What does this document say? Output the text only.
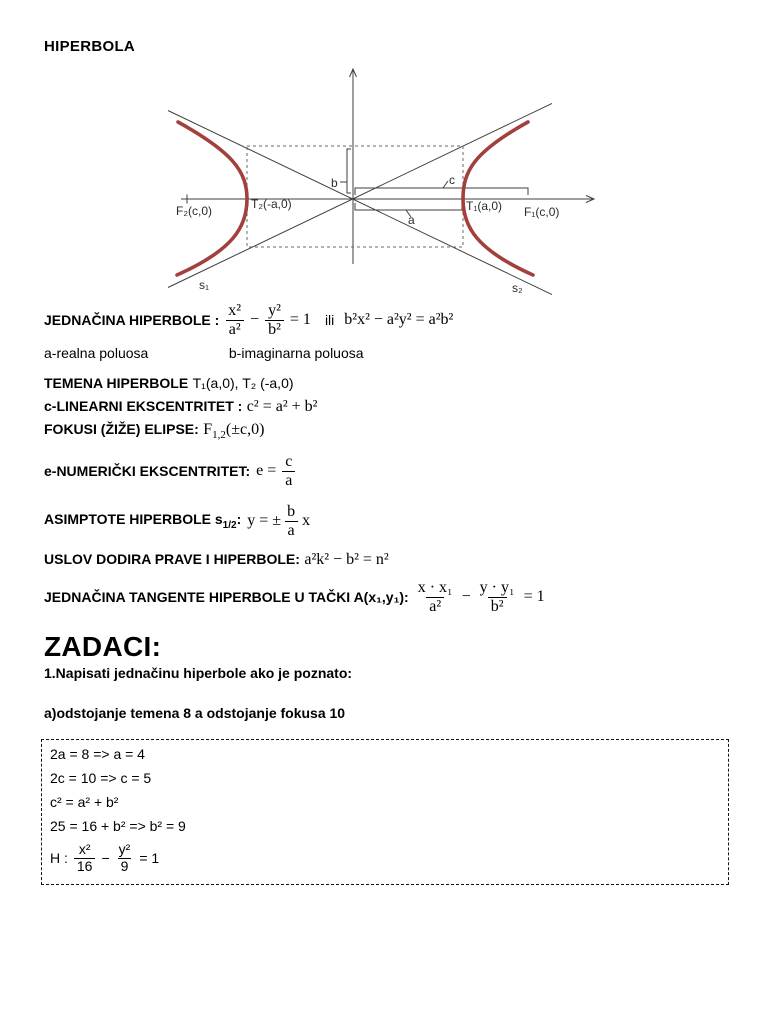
HIPERBOLA
F₂(c,0)	T₂(-a,0)	T₁(a,0) F₁(c,0)
b	c
a
s₁	s₂
JEDNAČINA HIPERBOLE : $\frac{\text{x²}}{\text{a²}} - \frac{\text{y²}}{\text{b²}} = 1$ ili b²x² − a²y² = a²b²
a-realna poluosa	b-imaginarna poluosa
TEMENA HIPERBOLE T₁(a,0), T₂ (-a,0)
c-LINEARNI EKSCENTRITET : c² = a² + b²
FOKUSI (ŽIŽE) ELIPSE: $F_{1,2}(\pm c,0)$
e-NUMERIČKI EKSCENTRITET: $e = \frac{c}{a}$
ASIMPTOTE HIPERBOLE $s_{1/2}$: y = ± $\frac{b}{a}$ x
USLOV DODIRA PRAVE I HIPERBOLE: a²k² − b² = n²
JEDNAČINA TANGENTE HIPERBOLE U TAČKI A(x₁,y₁): $\frac{\text{x · x₁}}{\text{a²}} - \frac{\text{y · y₁}}{\text{b²}} = 1$
ZADACI:
1.Napisati jednačinu hiperbole ako je poznato:
a)odstojanje temena 8 a odstojanje fokusa 10
2a = 8 => a = 4
2c = 10 => c = 5
c² = a² + b²
25 = 16 + b² => b² = 9
H : $\frac{\text{x²}}{16} - \frac{\text{y²}}{9} = 1$
